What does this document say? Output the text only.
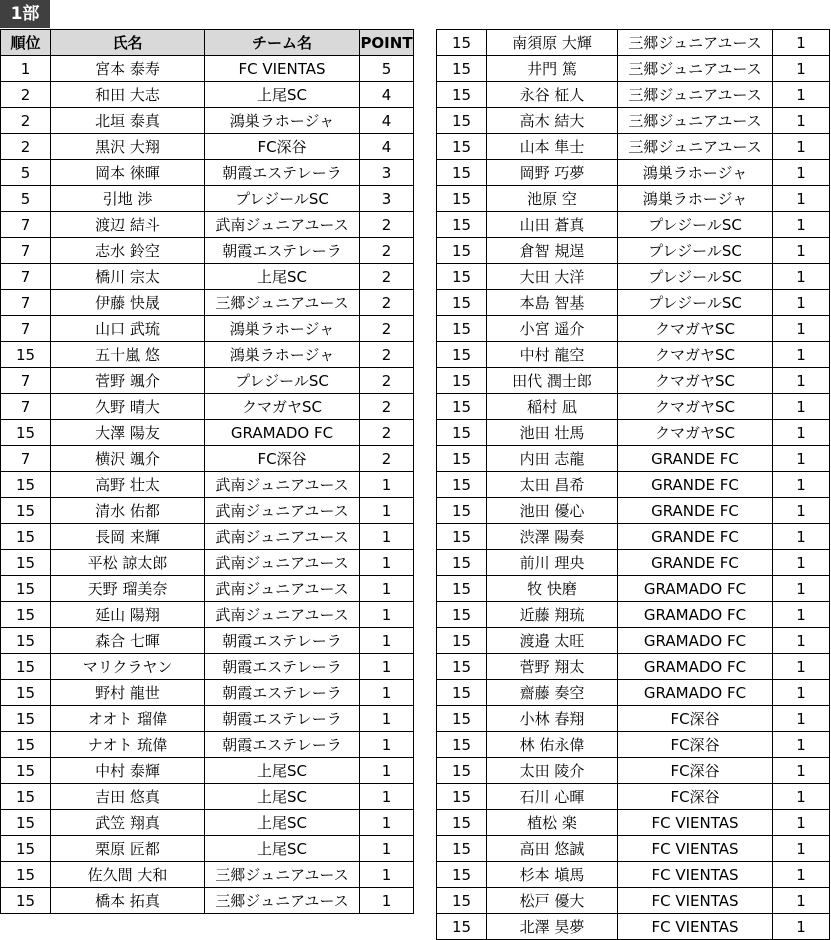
1部
順位	氏名	チーム名	POINT
1	宮本 泰寿	FC VIENTAS	5
2	和田 大志	上尾SC	4
2	北垣 泰真	鴻巣ラホージャ	4
2	黒沢 大翔	FC深谷	4
5	岡本 徠暉	朝霞エステレーラ	3
5	引地 渉	プレジールSC	3
7	渡辺 結斗	武南ジュニアユース	2
7	志水 鈴空	朝霞エステレーラ	2
7	橋川 宗太	上尾SC	2
7	伊藤 快晟	三郷ジュニアユース	2
7	山口 武琉	鴻巣ラホージャ	2
15	五十嵐 悠	鴻巣ラホージャ	2
7	菅野 颯介	プレジールSC	2
7	久野 晴大	クマガヤSC	2
15	大澤 陽友	GRAMADO FC	2
7	横沢 颯介	FC深谷	2
15	高野 壮太	武南ジュニアユース	1
15	清水 佑都	武南ジュニアユース	1
15	長岡 来輝	武南ジュニアユース	1
15	平松 諒太郎	武南ジュニアユース	1
15	天野 瑠美奈	武南ジュニアユース	1
15	延山 陽翔	武南ジュニアユース	1
15	森合 七暉	朝霞エステレーラ	1
15	マリクラヤン	朝霞エステレーラ	1
15	野村 龍世	朝霞エステレーラ	1
15	オオト 瑠偉	朝霞エステレーラ	1
15	ナオト 琉偉	朝霞エステレーラ	1
15	中村 泰輝	上尾SC	1
15	吉田 悠真	上尾SC	1
15	武笠 翔真	上尾SC	1
15	栗原 匠都	上尾SC	1
15	佐久間 大和	三郷ジュニアユース	1
15	橋本 拓真	三郷ジュニアユース	1
15	南須原 大輝	三郷ジュニアユース	1
15	井門 篤	三郷ジュニアユース	1
15	永谷 柾人	三郷ジュニアユース	1
15	高木 結大	三郷ジュニアユース	1
15	山本 隼士	三郷ジュニアユース	1
15	岡野 巧夢	鴻巣ラホージャ	1
15	池原 空	鴻巣ラホージャ	1
15	山田 蒼真	プレジールSC	1
15	倉智 規逞	プレジールSC	1
15	大田 大洋	プレジールSC	1
15	本島 智基	プレジールSC	1
15	小宮 遥介	クマガヤSC	1
15	中村 龍空	クマガヤSC	1
15	田代 潤士郎	クマガヤSC	1
15	稲村 凪	クマガヤSC	1
15	池田 壮馬	クマガヤSC	1
15	内田 志龍	GRANDE FC	1
15	太田 昌希	GRANDE FC	1
15	池田 優心	GRANDE FC	1
15	渋澤 陽奏	GRANDE FC	1
15	前川 理央	GRANDE FC	1
15	牧 快磨	GRAMADO FC	1
15	近藤 翔琉	GRAMADO FC	1
15	渡邉 太旺	GRAMADO FC	1
15	菅野 翔太	GRAMADO FC	1
15	齋藤 奏空	GRAMADO FC	1
15	小林 春翔	FC深谷	1
15	林 佑永偉	FC深谷	1
15	太田 陵介	FC深谷	1
15	石川 心暉	FC深谷	1
15	植松 楽	FC VIENTAS	1
15	高田 悠誠	FC VIENTAS	1
15	杉本 塡馬	FC VIENTAS	1
15	松戸 優大	FC VIENTAS	1
15	北澤 昊夢	FC VIENTAS	1
